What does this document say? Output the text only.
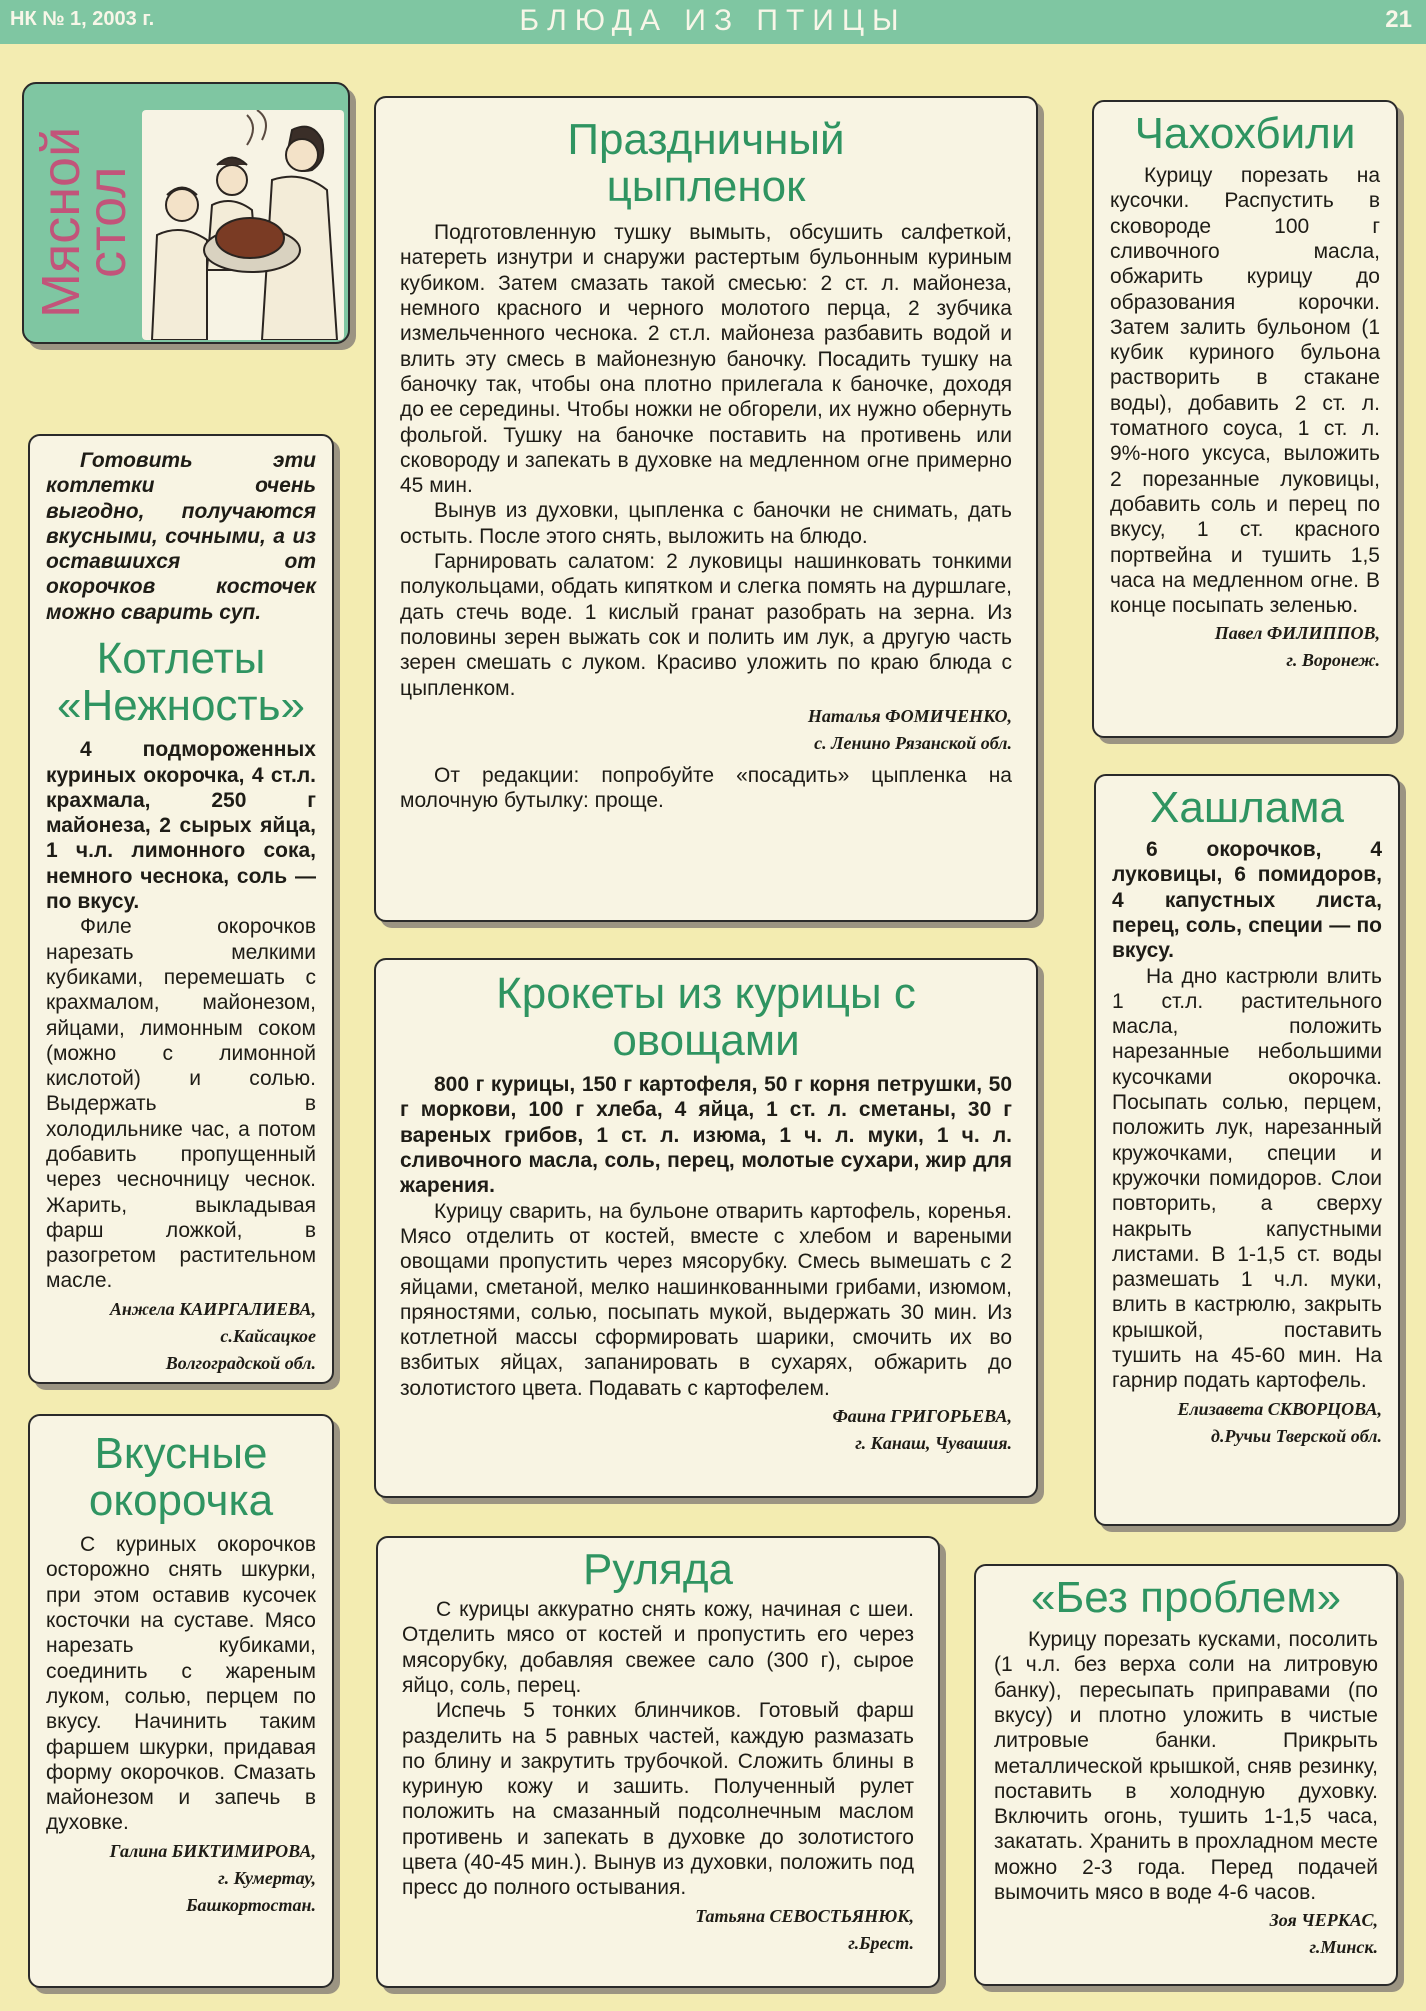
НК № 1, 2003 г.	БЛЮДА ИЗ ПТИЦЫ	21
Мясной стол
Праздничный цыпленок

Подготовленную тушку вымыть, обсушить салфеткой, натереть изнутри и снаружи растертым бульонным куриным кубиком. Затем смазать такой смесью: 2 ст. л. майонеза, немного красного и черного молотого перца, 2 зубчика измельченного чеснока. 2 ст.л. майонеза разбавить водой и влить эту смесь в майонезную баночку. Посадить тушку на баночку так, чтобы она плотно прилегала к баночке, доходя до ее середины. Чтобы ножки не обгорели, их нужно обернуть фольгой. Тушку на баночке поставить на противень или сковороду и запекать в духовке на медленном огне примерно 45 мин.

Вынув из духовки, цыпленка с баночки не снимать, дать остыть. После этого снять, выложить на блюдо.

Гарнировать салатом: 2 луковицы нашинковать тонкими полукольцами, обдать кипятком и слегка помять на дуршлаге, дать стечь воде. 1 кислый гранат разобрать на зерна. Из половины зерен выжать сок и полить им лук, а другую часть зерен смешать с луком. Красиво уложить по краю блюда с цыпленком.

Наталья ФОМИЧЕНКО,
с. Ленино Рязанской обл.

От редакции: попробуйте «посадить» цыпленка на молочную бутылку: проще.

Чахохбили

Курицу порезать на кусочки. Распустить в сковороде 100 г сливочного масла, обжарить курицу до образования корочки. Затем залить бульоном (1 кубик куриного бульона растворить в стакане воды), добавить 2 ст. л. томатного соуса, 1 ст. л. 9%-ного уксуса, выложить 2 порезанные луковицы, добавить соль и перец по вкусу, 1 ст. красного портвейна и тушить 1,5 часа на медленном огне. В конце посыпать зеленью.

Павел ФИЛИППОВ,
г. Воронеж.

Готовить эти котлетки очень выгодно, получаются вкусными, сочными, а из оставшихся от окорочков косточек можно сварить суп.

Котлеты «Нежность»

4 подмороженных куриных окорочка, 4 ст.л. крахмала, 250 г майонеза, 2 сырых яйца, 1 ч.л. лимонного сока, немного чеснока, соль — по вкусу.

Филе окорочков нарезать мелкими кубиками, перемешать с крахмалом, майонезом, яйцами, лимонным соком (можно с лимонной кислотой) и солью. Выдержать в холодильнике час, а потом добавить пропущенный через чесночницу чеснок. Жарить, выкладывая фарш ложкой, в разогретом растительном масле.

Анжела КАИРГАЛИЕВА,
с.Кайсацкое
Волгоградской обл.
Крокеты из курицы с овощами

800 г курицы, 150 г картофеля, 50 г корня петрушки, 50 г моркови, 100 г хлеба, 4 яйца, 1 ст. л. сметаны, 30 г вареных грибов, 1 ст. л. изюма, 1 ч. л. муки, 1 ч. л. сливочного масла, соль, перец, молотые сухари, жир для жарения.

Курицу сварить, на бульоне отварить картофель, коренья. Мясо отделить от костей, вместе с хлебом и вареными овощами пропустить через мясорубку. Смесь вымешать с 2 яйцами, сметаной, мелко нашинкованными грибами, изюмом, пряностями, солью, посыпать мукой, выдержать 30 мин. Из котлетной массы сформировать шарики, смочить их во взбитых яйцах, запанировать в сухарях, обжарить до золотистого цвета. Подавать с картофелем.

Фаина ГРИГОРЬЕВА,
г. Канаш, Чувашия.
Хашлама

6 окорочков, 4 луковицы, 6 помидоров, 4 капустных листа, перец, соль, специи — по вкусу.

На дно кастрюли влить 1 ст.л. растительного масла, положить нарезанные небольшими кусочками окорочка. Посыпать солью, перцем, положить лук, нарезанный кружочками, специи и кружочки помидоров. Слои повторить, а сверху накрыть капустными листами. В 1-1,5 ст. воды размешать 1 ч.л. муки, влить в кастрюлю, закрыть крышкой, поставить тушить на 45-60 мин. На гарнир подать картофель.

Елизавета СКВОРЦОВА,
д.Ручьи Тверской обл.
Вкусные окорочка

С куриных окорочков осторожно снять шкурки, при этом оставив кусочек косточки на суставе. Мясо нарезать кубиками, соединить с жареным луком, солью, перцем по вкусу. Начинить таким фаршем шкурки, придавая форму окорочков. Смазать майонезом и запечь в духовке.

Галина БИКТИМИРОВА,
г. Кумертау,
Башкортостан.
Руляда

С курицы аккуратно снять кожу, начиная с шеи. Отделить мясо от костей и пропустить его через мясорубку, добавляя свежее сало (300 г), сырое яйцо, соль, перец.

Испечь 5 тонких блинчиков. Готовый фарш разделить на 5 равных частей, каждую размазать по блину и закрутить трубочкой. Сложить блины в куриную кожу и зашить. Полученный рулет положить на смазанный подсолнечным маслом противень и запекать в духовке до золотистого цвета (40-45 мин.). Вынув из духовки, положить под пресс до полного остывания.

Татьяна СЕВОСТЬЯНЮК,
г.Брест.
«Без проблем»

Курицу порезать кусками, посолить (1 ч.л. без верха соли на литровую банку), пересыпать приправами (по вкусу) и плотно уложить в чистые литровые банки. Прикрыть металлической крышкой, сняв резинку, поставить в холодную духовку. Включить огонь, тушить 1-1,5 часа, закатать. Хранить в прохладном месте можно 2-3 года. Перед подачей вымочить мясо в воде 4-6 часов.

Зоя ЧЕРКАС,
г.Минск.
